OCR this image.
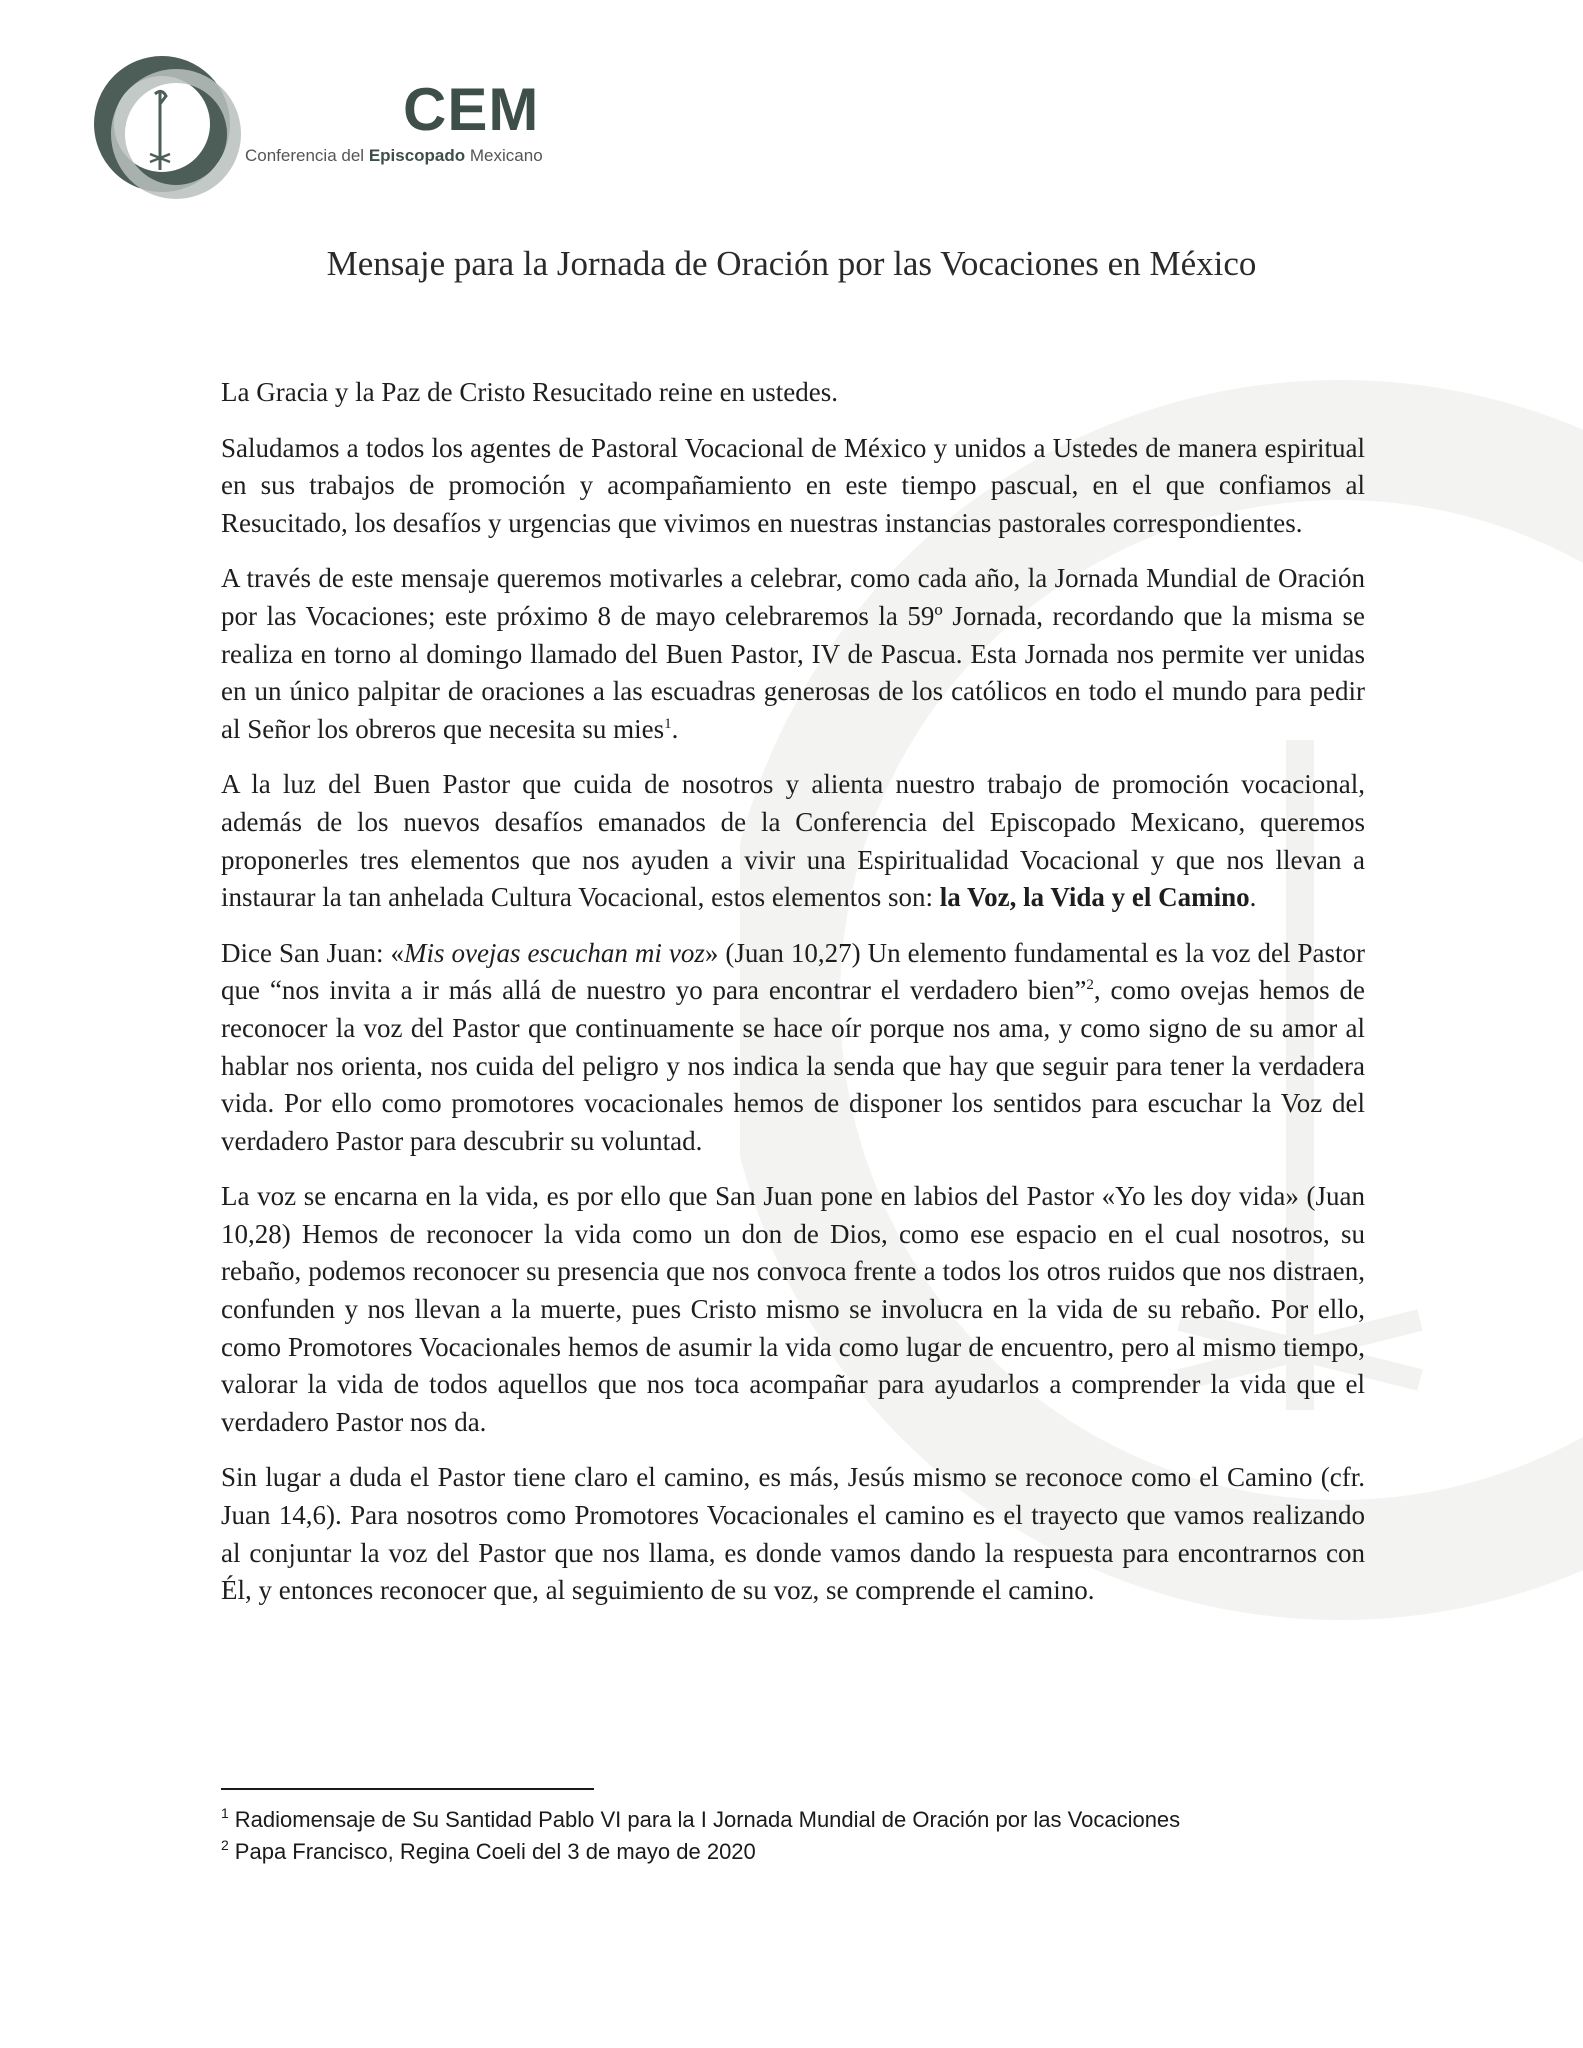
CEM
Conferencia del Episcopado Mexicano
Mensaje para la Jornada de Oración por las Vocaciones en México

La Gracia y la Paz de Cristo Resucitado reine en ustedes.

Saludamos a todos los agentes de Pastoral Vocacional de México y unidos a Ustedes de manera espiritual en sus trabajos de promoción y acompañamiento en este tiempo pascual, en el que confiamos al Resucitado, los desafíos y urgencias que vivimos en nuestras instancias pastorales correspondientes.

A través de este mensaje queremos motivarles a celebrar, como cada año, la Jornada Mundial de Oración por las Vocaciones; este próximo 8 de mayo celebraremos la 59º Jornada, recordando que la misma se realiza en torno al domingo llamado del Buen Pastor, IV de Pascua. Esta Jornada nos permite ver unidas en un único palpitar de oraciones a las escuadras generosas de los católicos en todo el mundo para pedir al Señor los obreros que necesita su mies$^1$.

A la luz del Buen Pastor que cuida de nosotros y alienta nuestro trabajo de promoción vocacional, además de los nuevos desafíos emanados de la Conferencia del Episcopado Mexicano, queremos proponerles tres elementos que nos ayuden a vivir una Espiritualidad Vocacional y que nos llevan a instaurar la tan anhelada Cultura Vocacional, estos elementos son: la Voz, la Vida y el Camino.

Dice San Juan: «Mis ovejas escuchan mi voz» (Juan 10,27) Un elemento fundamental es la voz del Pastor que “nos invita a ir más allá de nuestro yo para encontrar el verdadero bien”$^2$, como ovejas hemos de reconocer la voz del Pastor que continuamente se hace oír porque nos ama, y como signo de su amor al hablar nos orienta, nos cuida del peligro y nos indica la senda que hay que seguir para tener la verdadera vida. Por ello como promotores vocacionales hemos de disponer los sentidos para escuchar la Voz del verdadero Pastor para descubrir su voluntad.

La voz se encarna en la vida, es por ello que San Juan pone en labios del Pastor «Yo les doy vida» (Juan 10,28) Hemos de reconocer la vida como un don de Dios, como ese espacio en el cual nosotros, su rebaño, podemos reconocer su presencia que nos convoca frente a todos los otros ruidos que nos distraen, confunden y nos llevan a la muerte, pues Cristo mismo se involucra en la vida de su rebaño. Por ello, como Promotores Vocacionales hemos de asumir la vida como lugar de encuentro, pero al mismo tiempo, valorar la vida de todos aquellos que nos toca acompañar para ayudarlos a comprender la vida que el verdadero Pastor nos da.

Sin lugar a duda el Pastor tiene claro el camino, es más, Jesús mismo se reconoce como el Camino (cfr. Juan 14,6). Para nosotros como Promotores Vocacionales el camino es el trayecto que vamos realizando al conjuntar la voz del Pastor que nos llama, es donde vamos dando la respuesta para encontrarnos con Él, y entonces reconocer que, al seguimiento de su voz, se comprende el camino.

$^1$ Radiomensaje de Su Santidad Pablo VI para la I Jornada Mundial de Oración por las Vocaciones
$^2$ Papa Francisco, Regina Coeli del 3 de mayo de 2020
